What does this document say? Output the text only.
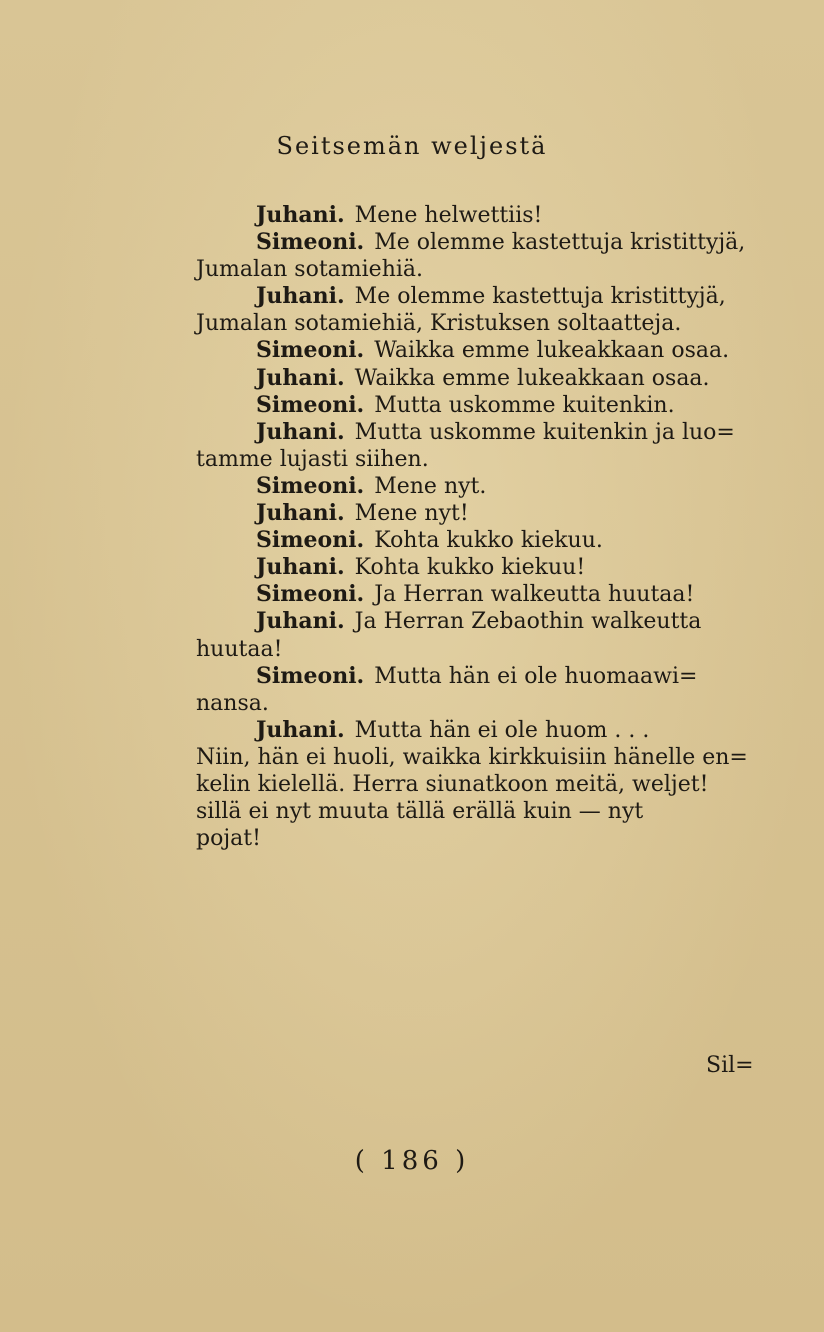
Seitsemän weljestä
Juhani. Mene helwettiis!
Simeoni. Me olemme kastettuja kristittyjä,
Jumalan sotamiehiä.
Juhani. Me olemme kastettuja kristittyjä,
Jumalan sotamiehiä, Kristuksen soltaatteja.
Simeoni. Waikka emme lukeakkaan osaa.
Juhani. Waikka emme lukeakkaan osaa.
Simeoni. Mutta uskomme kuitenkin.
Juhani. Mutta uskomme kuitenkin ja luo=
tamme lujasti siihen.
Simeoni. Mene nyt.
Juhani. Mene nyt!
Simeoni. Kohta kukko kiekuu.
Juhani. Kohta kukko kiekuu!
Simeoni. Ja Herran walkeutta huutaa!
Juhani. Ja Herran Zebaothin walkeutta
huutaa!
Simeoni. Mutta hän ei ole huomaawi=
nansa.
Juhani. Mutta hän ei ole huom . . .
Niin, hän ei huoli, waikka kirkkuisiin hänelle en=
kelin kielellä. Herra siunatkoon meitä, weljet!
sillä ei nyt muuta tällä erällä kuin — nyt
pojat!
Sil=
( 186 )
